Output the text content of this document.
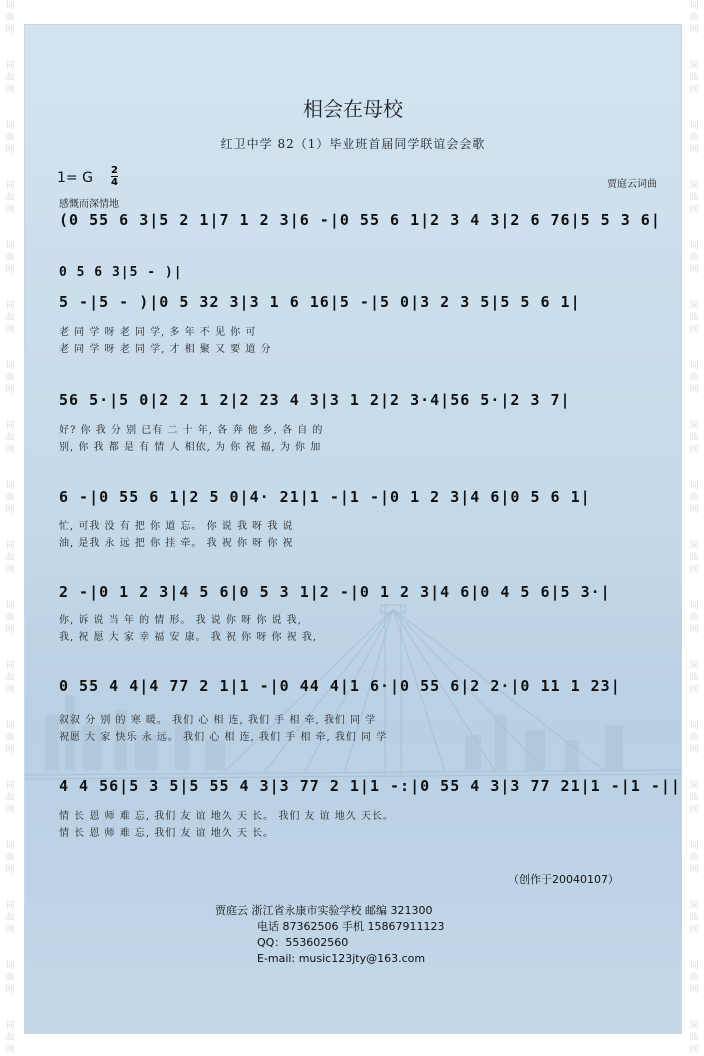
词
曲
网
词
曲
网
词
曲
网
词
曲
网
词
曲
网
词
曲
网
词
曲
网
词
曲
网
词
曲
网
词
曲
网
词
曲
网
词
曲
网
词
曲
网
词
曲
网
词
曲
网
词
曲
网
词
曲
网
词
曲
网
词
曲
网
词
曲
网
词
曲
网
词
曲
网
词
曲
网
词
曲
网
词
曲
网
词
曲
网
词
曲
网
词
曲
网
词
曲
网
词
曲
网
词
曲
网
词
曲
网
词
曲
网
词
曲
网
词
曲
网
词
曲
网
相会在母校
红卫中学 82（1）毕业班首届同学联谊会会歌
1= G 2
4	贾庭云词曲
感慨而深情地
(0 55 6 3|5 2 1|7 1 2 3|6 -|0 55 6 1|2 3 4 3|2 6 76|5 5 3 6|
0 5 6 3|5 - )|
5 -|5 - )|0 5 32 3|3 1 6 16|5 -|5 0|3 2 3 5|5 5 6 1|
老 同 学 呀 老 同 学, 多 年 不 见 你 可
老 同 学 呀 老 同 学, 才 相 聚 又 要 道 分
56 5·|5 0|2 2 1 2|2 23 4 3|3 1 2|2 3·4|56 5·|2 3 7|
好? 你 我 分 别 已有 二 十 年, 各 奔 他 乡, 各 自 的
别, 你 我 都 是 有 情 人 相依, 为 你 祝 福, 为 你 加
6 -|0 55 6 1|2 5 0|4· 21|1 -|1 -|0 1 2 3|4 6|0 5 6 1|
忙, 可我 没 有 把 你 道 忘。 你 说 我 呀 我 说
油, 是我 永 远 把 你 挂 牵。 我 祝 你 呀 你 祝
2 -|0 1 2 3|4 5 6|0 5 3 1|2 -|0 1 2 3|4 6|0 4 5 6|5 3·|
你, 诉 说 当 年 的 情 形。 我 说 你 呀 你 说 我,
我, 祝 愿 大 家 幸 福 安 康。 我 祝 你 呀 你 祝 我,
0 55 4 4|4 77 2 1|1 -|0 44 4|1 6·|0 55 6|2 2·|0 11 1 23|
叙叙 分 别 的 寒 暖。 我们 心 相 连, 我们 手 相 牵, 我们 同 学
祝愿 大 家 快乐 永 远。 我们 心 相 连, 我们 手 相 牵, 我们 同 学
4 4 56|5 3 5|5 55 4 3|3 77 2 1|1 -:|0 55 4 3|3 77 21|1 -|1 -||
情 长 恩 师 难 忘, 我们 友 谊 地久 天 长。 我们 友 谊 地久 天长。
情 长 恩 师 难 忘, 我们 友 谊 地久 天 长。
（创作于20040107）
贾庭云 浙江省永康市实验学校 邮编 321300
电话 87362506 手机 15867911123
QQ：553602560
E-mail: music123jty@163.com
